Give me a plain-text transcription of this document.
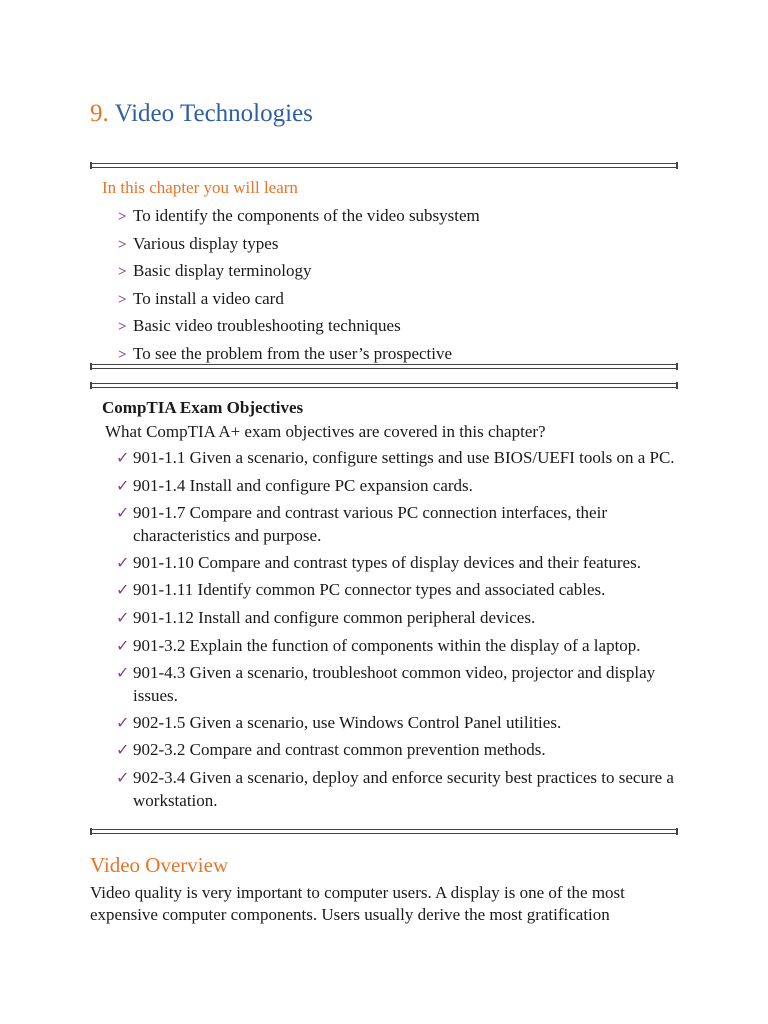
9. Video Technologies

In this chapter you will learn

> To identify the components of the video subsystem
> Various display types
> Basic display terminology
> To install a video card
> Basic video troubleshooting techniques
> To see the problem from the user’s prospective

CompTIA Exam Objectives

What CompTIA A+ exam objectives are covered in this chapter?

✓ 901-1.1 Given a scenario, configure settings and use BIOS/UEFI tools on a PC.
✓ 901-1.4 Install and configure PC expansion cards.
✓ 901-1.7 Compare and contrast various PC connection interfaces, their characteristics and purpose.
✓ 901-1.10 Compare and contrast types of display devices and their features.
✓ 901-1.11 Identify common PC connector types and associated cables.
✓ 901-1.12 Install and configure common peripheral devices.
✓ 901-3.2 Explain the function of components within the display of a laptop.
✓ 901-4.3 Given a scenario, troubleshoot common video, projector and display issues.
✓ 902-1.5 Given a scenario, use Windows Control Panel utilities.
✓ 902-3.2 Compare and contrast common prevention methods.
✓ 902-3.4 Given a scenario, deploy and enforce security best practices to secure a workstation.
Video Overview

Video quality is very important to computer users. A display is one of the most expensive computer components. Users usually derive the most gratification
